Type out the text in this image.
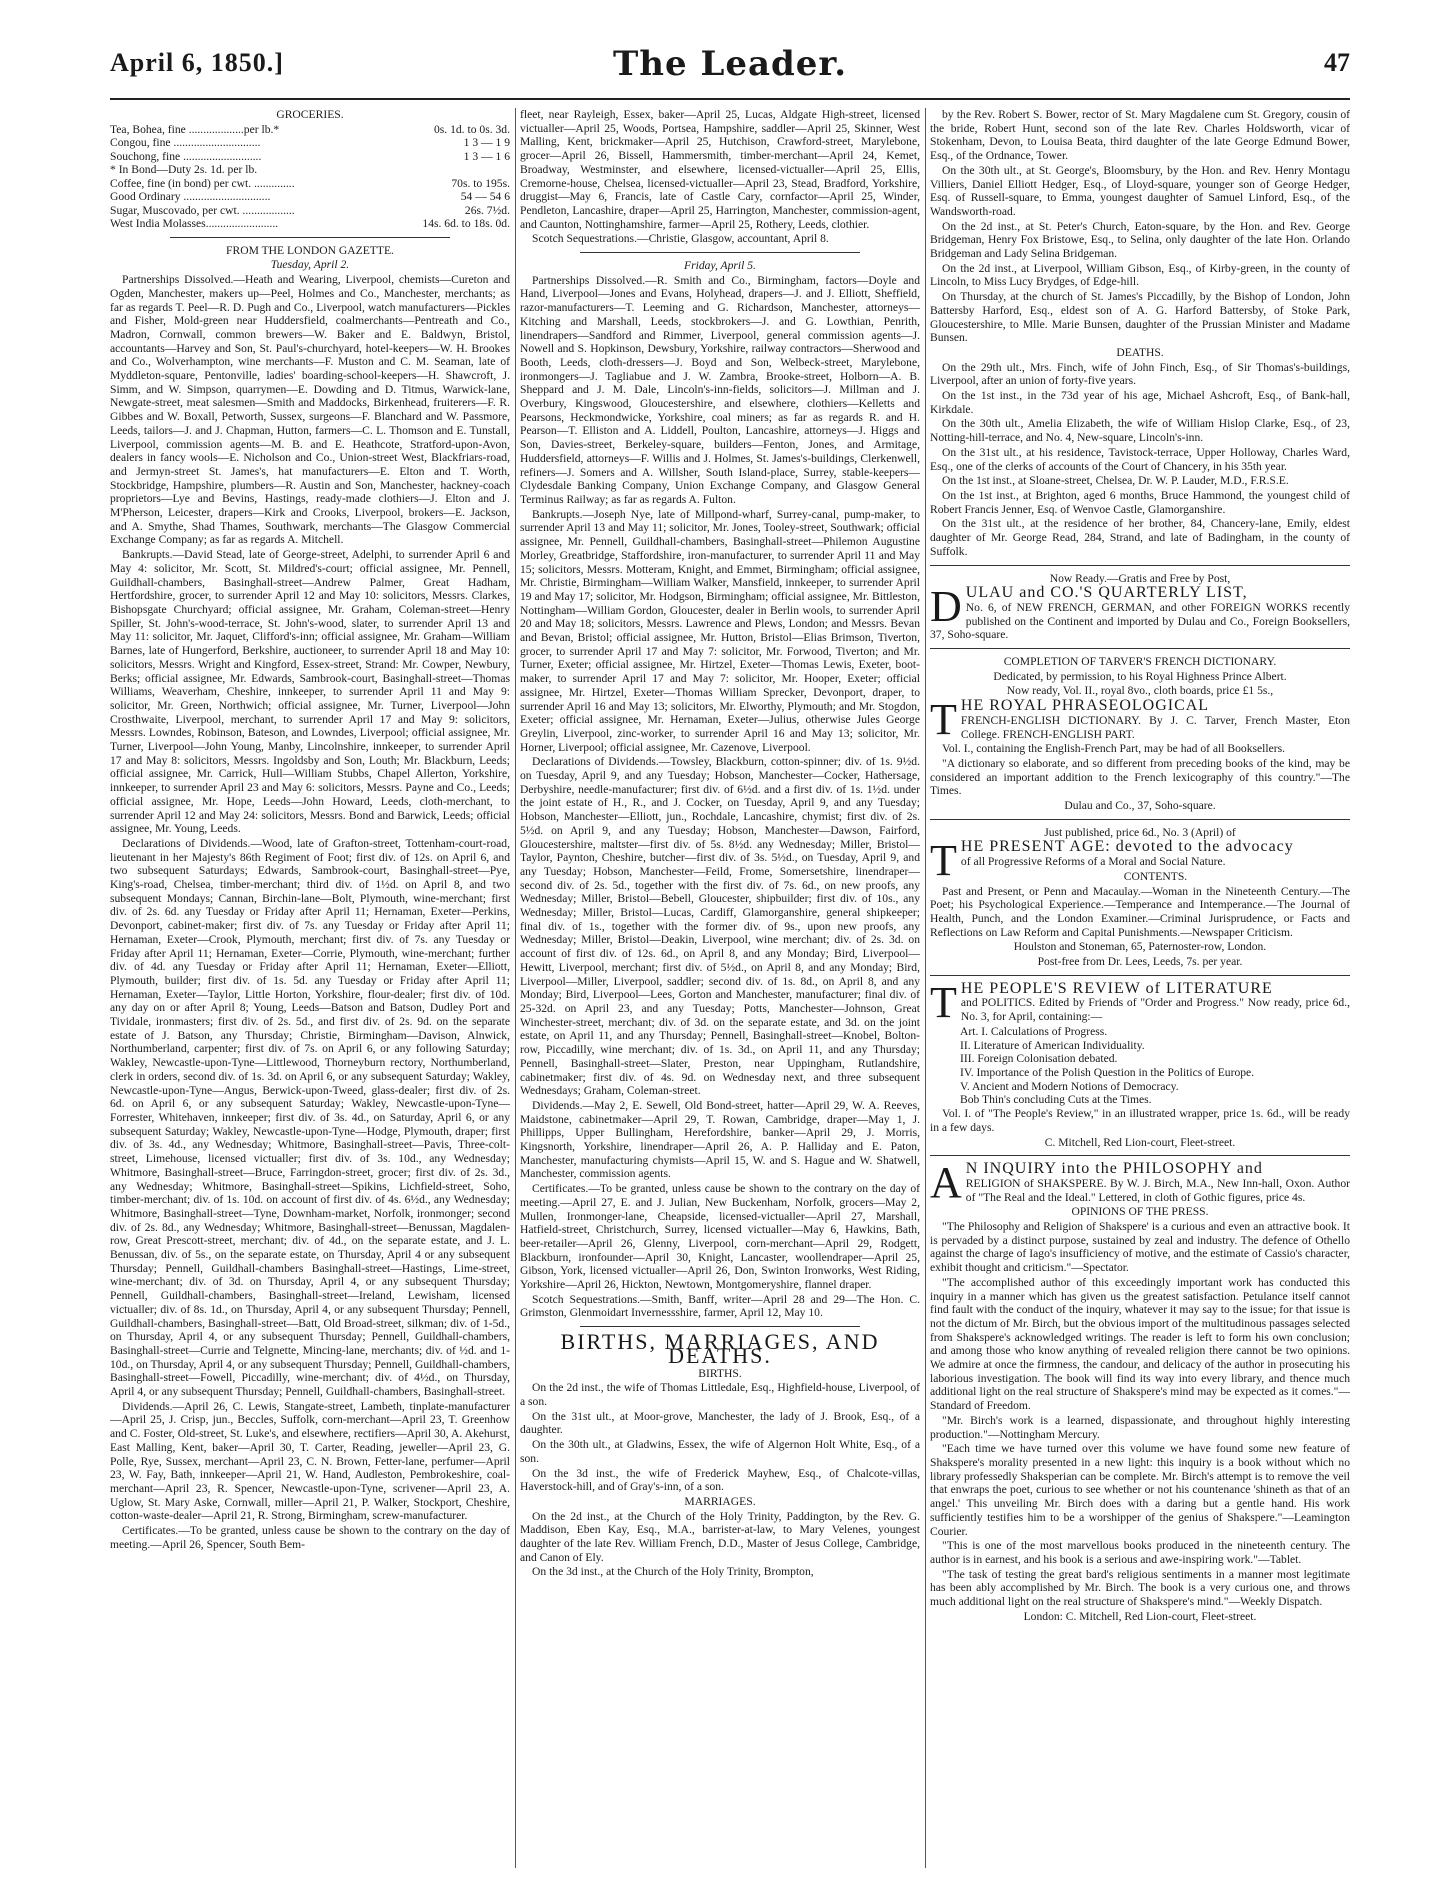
April 6, 1850.]	The Leader.	47

GROCERIES.

Tea, Bohea, fine ...................per lb.*	0s. 1d. to 0s. 3d.
Congou, fine ..............................	1 3 — 1 9
Souchong, fine ...........................	1 3 — 1 6
* In Bond—Duty 2s. 1d. per lb.	
Coffee, fine (in bond) per cwt. ..............	70s. to 195s.
Good Ordinary ..............................	54 — 54 6
Sugar, Muscovado, per cwt. ..................	26s. 7½d.
West India Molasses.........................	14s. 6d. to 18s. 0d.

FROM THE LONDON GAZETTE.

Tuesday, April 2.

Partnerships Dissolved.—Heath and Wearing, Liverpool, chemists—Cureton and Ogden, Manchester, makers up—Peel, Holmes and Co., Manchester, merchants; as far as regards T. Peel—R. D. Pugh and Co., Liverpool, watch manufacturers—Pickles and Fisher, Mold-green near Huddersfield, coalmerchants—Pentreath and Co., Madron, Cornwall, common brewers—W. Baker and E. Baldwyn, Bristol, accountants—Harvey and Son, St. Paul's-churchyard, hotel-keepers—W. H. Brookes and Co., Wolverhampton, wine merchants—F. Muston and C. M. Seaman, late of Myddleton-square, Pentonville, ladies' boarding-school-keepers—H. Shawcroft, J. Simm, and W. Simpson, quarrymen—E. Dowding and D. Titmus, Warwick-lane, Newgate-street, meat salesmen—Smith and Maddocks, Birkenhead, fruiterers—F. R. Gibbes and W. Boxall, Petworth, Sussex, surgeons—F. Blanchard and W. Passmore, Leeds, tailors—J. and J. Chapman, Hutton, farmers—C. L. Thomson and E. Tunstall, Liverpool, commission agents—M. B. and E. Heathcote, Stratford-upon-Avon, dealers in fancy wools—E. Nicholson and Co., Union-street West, Blackfriars-road, and Jermyn-street St. James's, hat manufacturers—E. Elton and T. Worth, Stockbridge, Hampshire, plumbers—R. Austin and Son, Manchester, hackney-coach proprietors—Lye and Bevins, Hastings, ready-made clothiers—J. Elton and J. M'Pherson, Leicester, drapers—Kirk and Crooks, Liverpool, brokers—E. Jackson, and A. Smythe, Shad Thames, Southwark, merchants—The Glasgow Commercial Exchange Company; as far as regards A. Mitchell.

Bankrupts.—David Stead, late of George-street, Adelphi, to surrender April 6 and May 4: solicitor, Mr. Scott, St. Mildred's-court; official assignee, Mr. Pennell, Guildhall-chambers, Basinghall-street—Andrew Palmer, Great Hadham, Hertfordshire, grocer, to surrender April 12 and May 10: solicitors, Messrs. Clarkes, Bishopsgate Churchyard; official assignee, Mr. Graham, Coleman-street—Henry Spiller, St. John's-wood-terrace, St. John's-wood, slater, to surrender April 13 and May 11: solicitor, Mr. Jaquet, Clifford's-inn; official assignee, Mr. Graham—William Barnes, late of Hungerford, Berkshire, auctioneer, to surrender April 18 and May 10: solicitors, Messrs. Wright and Kingford, Essex-street, Strand: Mr. Cowper, Newbury, Berks; official assignee, Mr. Edwards, Sambrook-court, Basinghall-street—Thomas Williams, Weaverham, Cheshire, innkeeper, to surrender April 11 and May 9: solicitor, Mr. Green, Northwich; official assignee, Mr. Turner, Liverpool—John Crosthwaite, Liverpool, merchant, to surrender April 17 and May 9: solicitors, Messrs. Lowndes, Robinson, Bateson, and Lowndes, Liverpool; official assignee, Mr. Turner, Liverpool—John Young, Manby, Lincolnshire, innkeeper, to surrender April 17 and May 8: solicitors, Messrs. Ingoldsby and Son, Louth; Mr. Blackburn, Leeds; official assignee, Mr. Carrick, Hull—William Stubbs, Chapel Allerton, Yorkshire, innkeeper, to surrender April 23 and May 6: solicitors, Messrs. Payne and Co., Leeds; official assignee, Mr. Hope, Leeds—John Howard, Leeds, cloth-merchant, to surrender April 12 and May 24: solicitors, Messrs. Bond and Barwick, Leeds; official assignee, Mr. Young, Leeds.

Declarations of Dividends.—Wood, late of Grafton-street, Tottenham-court-road, lieutenant in her Majesty's 86th Regiment of Foot; first div. of 12s. on April 6, and two subsequent Saturdays; Edwards, Sambrook-court, Basinghall-street—Pye, King's-road, Chelsea, timber-merchant; third div. of 1½d. on April 8, and two subsequent Mondays; Cannan, Birchin-lane—Bolt, Plymouth, wine-merchant; first div. of 2s. 6d. any Tuesday or Friday after April 11; Hernaman, Exeter—Perkins, Devonport, cabinet-maker; first div. of 7s. any Tuesday or Friday after April 11; Hernaman, Exeter—Crook, Plymouth, merchant; first div. of 7s. any Tuesday or Friday after April 11; Hernaman, Exeter—Corrie, Plymouth, wine-merchant; further div. of 4d. any Tuesday or Friday after April 11; Hernaman, Exeter—Elliott, Plymouth, builder; first div. of 1s. 5d. any Tuesday or Friday after April 11; Hernaman, Exeter—Taylor, Little Horton, Yorkshire, flour-dealer; first div. of 10d. any day on or after April 8; Young, Leeds—Batson and Batson, Dudley Port and Tividale, ironmasters; first div. of 2s. 5d., and first div. of 2s. 9d. on the separate estate of J. Batson, any Thursday; Christie, Birmingham—Davison, Alnwick, Northumberland, carpenter; first div. of 7s. on April 6, or any following Saturday; Wakley, Newcastle-upon-Tyne—Littlewood, Thorneyburn rectory, Northumberland, clerk in orders, second div. of 1s. 3d. on April 6, or any subsequent Saturday; Wakley, Newcastle-upon-Tyne—Angus, Berwick-upon-Tweed, glass-dealer; first div. of 2s. 6d. on April 6, or any subsequent Saturday; Wakley, Newcastle-upon-Tyne—Forrester, Whitehaven, innkeeper; first div. of 3s. 4d., on Saturday, April 6, or any subsequent Saturday; Wakley, Newcastle-upon-Tyne—Hodge, Plymouth, draper; first div. of 3s. 4d., any Wednesday; Whitmore, Basinghall-street—Pavis, Three-colt-street, Limehouse, licensed victualler; first div. of 3s. 10d., any Wednesday; Whitmore, Basinghall-street—Bruce, Farringdon-street, grocer; first div. of 2s. 3d., any Wednesday; Whitmore, Basinghall-street—Spikins, Lichfield-street, Soho, timber-merchant; div. of 1s. 10d. on account of first div. of 4s. 6½d., any Wednesday; Whitmore, Basinghall-street—Tyne, Downham-market, Norfolk, ironmonger; second div. of 2s. 8d., any Wednesday; Whitmore, Basinghall-street—Benussan, Magdalen-row, Great Prescott-street, merchant; div. of 4d., on the separate estate, and J. L. Benussan, div. of 5s., on the separate estate, on Thursday, April 4 or any subsequent Thursday; Pennell, Guildhall-chambers Basinghall-street—Hastings, Lime-street, wine-merchant; div. of 3d. on Thursday, April 4, or any subsequent Thursday; Pennell, Guildhall-chambers, Basinghall-street—Ireland, Lewisham, licensed victualler; div. of 8s. 1d., on Thursday, April 4, or any subsequent Thursday; Pennell, Guildhall-chambers, Basinghall-street—Batt, Old Broad-street, silkman; div. of 1-5d., on Thursday, April 4, or any subsequent Thursday; Pennell, Guildhall-chambers, Basinghall-street—Currie and Telgnette, Mincing-lane, merchants; div. of ½d. and 1-10d., on Thursday, April 4, or any subsequent Thursday; Pennell, Guildhall-chambers, Basinghall-street—Fowell, Piccadilly, wine-merchant; div. of 4½d., on Thursday, April 4, or any subsequent Thursday; Pennell, Guildhall-chambers, Basinghall-street.

Dividends.—April 26, C. Lewis, Stangate-street, Lambeth, tinplate-manufacturer—April 25, J. Crisp, jun., Beccles, Suffolk, corn-merchant—April 23, T. Greenhow and C. Foster, Old-street, St. Luke's, and elsewhere, rectifiers—April 30, A. Akehurst, East Malling, Kent, baker—April 30, T. Carter, Reading, jeweller—April 23, G. Polle, Rye, Sussex, merchant—April 23, C. N. Brown, Fetter-lane, perfumer—April 23, W. Fay, Bath, innkeeper—April 21, W. Hand, Audleston, Pembrokeshire, coal-merchant—April 23, R. Spencer, Newcastle-upon-Tyne, scrivener—April 23, A. Uglow, St. Mary Aske, Cornwall, miller—April 21, P. Walker, Stockport, Cheshire, cotton-waste-dealer—April 21, R. Strong, Birmingham, screw-manufacturer.

Certificates.—To be granted, unless cause be shown to the contrary on the day of meeting.—April 26, Spencer, South Bem-

fleet, near Rayleigh, Essex, baker—April 25, Lucas, Aldgate High-street, licensed victualler—April 25, Woods, Portsea, Hampshire, saddler—April 25, Skinner, West Malling, Kent, brickmaker—April 25, Hutchison, Crawford-street, Marylebone, grocer—April 26, Bissell, Hammersmith, timber-merchant—April 24, Kemet, Broadway, Westminster, and elsewhere, licensed-victualler—April 25, Ellis, Cremorne-house, Chelsea, licensed-victualler—April 23, Stead, Bradford, Yorkshire, druggist—May 6, Francis, late of Castle Cary, cornfactor—April 25, Winder, Pendleton, Lancashire, draper—April 25, Harrington, Manchester, commission-agent, and Caunton, Nottinghamshire, farmer—April 25, Rothery, Leeds, clothier.

Scotch Sequestrations.—Christie, Glasgow, accountant, April 8.

Friday, April 5.

Partnerships Dissolved.—R. Smith and Co., Birmingham, factors—Doyle and Hand, Liverpool—Jones and Evans, Holyhead, drapers—J. and J. Elliott, Sheffield, razor-manufacturers—T. Leeming and G. Richardson, Manchester, attorneys—Kitching and Marshall, Leeds, stockbrokers—J. and G. Lowthian, Penrith, linendrapers—Sandford and Rimmer, Liverpool, general commission agents—J. Nowell and S. Hopkinson, Dewsbury, Yorkshire, railway contractors—Sherwood and Booth, Leeds, cloth-dressers—J. Boyd and Son, Welbeck-street, Marylebone, ironmongers—J. Tagliabue and J. W. Zambra, Brooke-street, Holborn—A. B. Sheppard and J. M. Dale, Lincoln's-inn-fields, solicitors—J. Millman and J. Overbury, Kingswood, Gloucestershire, and elsewhere, clothiers—Kelletts and Pearsons, Heckmondwicke, Yorkshire, coal miners; as far as regards R. and H. Pearson—T. Elliston and A. Liddell, Poulton, Lancashire, attorneys—J. Higgs and Son, Davies-street, Berkeley-square, builders—Fenton, Jones, and Armitage, Huddersfield, attorneys—F. Willis and J. Holmes, St. James's-buildings, Clerkenwell, refiners—J. Somers and A. Willsher, South Island-place, Surrey, stable-keepers—Clydesdale Banking Company, Union Exchange Company, and Glasgow General Terminus Railway; as far as regards A. Fulton.

Bankrupts.—Joseph Nye, late of Millpond-wharf, Surrey-canal, pump-maker, to surrender April 13 and May 11; solicitor, Mr. Jones, Tooley-street, Southwark; official assignee, Mr. Pennell, Guildhall-chambers, Basinghall-street—Philemon Augustine Morley, Greatbridge, Staffordshire, iron-manufacturer, to surrender April 11 and May 15; solicitors, Messrs. Motteram, Knight, and Emmet, Birmingham; official assignee, Mr. Christie, Birmingham—William Walker, Mansfield, innkeeper, to surrender April 19 and May 17; solicitor, Mr. Hodgson, Birmingham; official assignee, Mr. Bittleston, Nottingham—William Gordon, Gloucester, dealer in Berlin wools, to surrender April 20 and May 18; solicitors, Messrs. Lawrence and Plews, London; and Messrs. Bevan and Bevan, Bristol; official assignee, Mr. Hutton, Bristol—Elias Brimson, Tiverton, grocer, to surrender April 17 and May 7: solicitor, Mr. Forwood, Tiverton; and Mr. Turner, Exeter; official assignee, Mr. Hirtzel, Exeter—Thomas Lewis, Exeter, boot-maker, to surrender April 17 and May 7: solicitor, Mr. Hooper, Exeter; official assignee, Mr. Hirtzel, Exeter—Thomas William Sprecker, Devonport, draper, to surrender April 16 and May 13; solicitors, Mr. Elworthy, Plymouth; and Mr. Stogdon, Exeter; official assignee, Mr. Hernaman, Exeter—Julius, otherwise Jules George Greylin, Liverpool, zinc-worker, to surrender April 16 and May 13; solicitor, Mr. Horner, Liverpool; official assignee, Mr. Cazenove, Liverpool.

Declarations of Dividends.—Towsley, Blackburn, cotton-spinner; div. of 1s. 9½d. on Tuesday, April 9, and any Tuesday; Hobson, Manchester—Cocker, Hathersage, Derbyshire, needle-manufacturer; first div. of 6½d. and a first div. of 1s. 1½d. under the joint estate of H., R., and J. Cocker, on Tuesday, April 9, and any Tuesday; Hobson, Manchester—Elliott, jun., Rochdale, Lancashire, chymist; first div. of 2s. 5½d. on April 9, and any Tuesday; Hobson, Manchester—Dawson, Fairford, Gloucestershire, maltster—first div. of 5s. 8½d. any Wednesday; Miller, Bristol—Taylor, Paynton, Cheshire, butcher—first div. of 3s. 5½d., on Tuesday, April 9, and any Tuesday; Hobson, Manchester—Feild, Frome, Somersetshire, linendraper—second div. of 2s. 5d., together with the first div. of 7s. 6d., on new proofs, any Wednesday; Miller, Bristol—Bebell, Gloucester, shipbuilder; first div. of 10s., any Wednesday; Miller, Bristol—Lucas, Cardiff, Glamorganshire, general shipkeeper; final div. of 1s., together with the former div. of 9s., upon new proofs, any Wednesday; Miller, Bristol—Deakin, Liverpool, wine merchant; div. of 2s. 3d. on account of first div. of 12s. 6d., on April 8, and any Monday; Bird, Liverpool—Hewitt, Liverpool, merchant; first div. of 5½d., on April 8, and any Monday; Bird, Liverpool—Miller, Liverpool, saddler; second div. of 1s. 8d., on April 8, and any Monday; Bird, Liverpool—Lees, Gorton and Manchester, manufacturer; final div. of 25-32d. on April 23, and any Tuesday; Potts, Manchester—Johnson, Great Winchester-street, merchant; div. of 3d. on the separate estate, and 3d. on the joint estate, on April 11, and any Thursday; Pennell, Basinghall-street—Knobel, Bolton-row, Piccadilly, wine merchant; div. of 1s. 3d., on April 11, and any Thursday; Pennell, Basinghall-street—Slater, Preston, near Uppingham, Rutlandshire, cabinetmaker; first div. of 4s. 9d. on Wednesday next, and three subsequent Wednesdays; Graham, Coleman-street.

Dividends.—May 2, E. Sewell, Old Bond-street, hatter—April 29, W. A. Reeves, Maidstone, cabinetmaker—April 29, T. Rowan, Cambridge, draper—May 1, J. Phillipps, Upper Bullingham, Herefordshire, banker—April 29, J. Morris, Kingsnorth, Yorkshire, linendraper—April 26, A. P. Halliday and E. Paton, Manchester, manufacturing chymists—April 15, W. and S. Hague and W. Shatwell, Manchester, commission agents.

Certificates.—To be granted, unless cause be shown to the contrary on the day of meeting.—April 27, E. and J. Julian, New Buckenham, Norfolk, grocers—May 2, Mullen, Ironmonger-lane, Cheapside, licensed-victualler—April 27, Marshall, Hatfield-street, Christchurch, Surrey, licensed victualler—May 6, Hawkins, Bath, beer-retailer—April 26, Glenny, Liverpool, corn-merchant—April 29, Rodgett, Blackburn, ironfounder—April 30, Knight, Lancaster, woollendraper—April 25, Gibson, York, licensed victualler—April 26, Don, Swinton Ironworks, West Riding, Yorkshire—April 26, Hickton, Newtown, Montgomeryshire, flannel draper.

Scotch Sequestrations.—Smith, Banff, writer—April 28 and 29—The Hon. C. Grimston, Glenmoidart Invernessshire, farmer, April 12, May 10.

BIRTHS, MARRIAGES, AND DEATHS.

BIRTHS.

On the 2d inst., the wife of Thomas Littledale, Esq., Highfield-house, Liverpool, of a son.

On the 31st ult., at Moor-grove, Manchester, the lady of J. Brook, Esq., of a daughter.

On the 30th ult., at Gladwins, Essex, the wife of Algernon Holt White, Esq., of a son.

On the 3d inst., the wife of Frederick Mayhew, Esq., of Chalcote-villas, Haverstock-hill, and of Gray's-inn, of a son.

MARRIAGES.

On the 2d inst., at the Church of the Holy Trinity, Paddington, by the Rev. G. Maddison, Eben Kay, Esq., M.A., barrister-at-law, to Mary Velenes, youngest daughter of the late Rev. William French, D.D., Master of Jesus College, Cambridge, and Canon of Ely.

On the 3d inst., at the Church of the Holy Trinity, Brompton,

by the Rev. Robert S. Bower, rector of St. Mary Magdalene cum St. Gregory, cousin of the bride, Robert Hunt, second son of the late Rev. Charles Holdsworth, vicar of Stokenham, Devon, to Louisa Beata, third daughter of the late George Edmund Bower, Esq., of the Ordnance, Tower.

On the 30th ult., at St. George's, Bloomsbury, by the Hon. and Rev. Henry Montagu Villiers, Daniel Elliott Hedger, Esq., of Lloyd-square, younger son of George Hedger, Esq. of Russell-square, to Emma, youngest daughter of Samuel Linford, Esq., of the Wandsworth-road.

On the 2d inst., at St. Peter's Church, Eaton-square, by the Hon. and Rev. George Bridgeman, Henry Fox Bristowe, Esq., to Selina, only daughter of the late Hon. Orlando Bridgeman and Lady Selina Bridgeman.

On the 2d inst., at Liverpool, William Gibson, Esq., of Kirby-green, in the county of Lincoln, to Miss Lucy Brydges, of Edge-hill.

On Thursday, at the church of St. James's Piccadilly, by the Bishop of London, John Battersby Harford, Esq., eldest son of A. G. Harford Battersby, of Stoke Park, Gloucestershire, to Mlle. Marie Bunsen, daughter of the Prussian Minister and Madame Bunsen.

DEATHS.

On the 29th ult., Mrs. Finch, wife of John Finch, Esq., of Sir Thomas's-buildings, Liverpool, after an union of forty-five years.

On the 1st inst., in the 73d year of his age, Michael Ashcroft, Esq., of Bank-hall, Kirkdale.

On the 30th ult., Amelia Elizabeth, the wife of William Hislop Clarke, Esq., of 23, Notting-hill-terrace, and No. 4, New-square, Lincoln's-inn.

On the 31st ult., at his residence, Tavistock-terrace, Upper Holloway, Charles Ward, Esq., one of the clerks of accounts of the Court of Chancery, in his 35th year.

On the 1st inst., at Sloane-street, Chelsea, Dr. W. P. Lauder, M.D., F.R.S.E.

On the 1st inst., at Brighton, aged 6 months, Bruce Hammond, the youngest child of Robert Francis Jenner, Esq. of Wenvoe Castle, Glamorganshire.

On the 31st ult., at the residence of her brother, 84, Chancery-lane, Emily, eldest daughter of Mr. George Read, 284, Strand, and late of Badingham, in the county of Suffolk.

Now Ready.—Gratis and Free by Post,

D ULAU and CO.'S QUARTERLY LIST,

No. 6, of NEW FRENCH, GERMAN, and other FOREIGN WORKS recently published on the Continent and imported by Dulau and Co., Foreign Booksellers, 37, Soho-square.

COMPLETION OF TARVER'S FRENCH DICTIONARY.

Dedicated, by permission, to his Royal Highness Prince Albert.

Now ready, Vol. II., royal 8vo., cloth boards, price £1 5s.,

T HE ROYAL PHRASEOLOGICAL

FRENCH-ENGLISH DICTIONARY. By J. C. Tarver, French Master, Eton College. FRENCH-ENGLISH PART.

Vol. I., containing the English-French Part, may be had of all Booksellers.

"A dictionary so elaborate, and so different from preceding books of the kind, may be considered an important addition to the French lexicography of this country."—The Times.

Dulau and Co., 37, Soho-square.

Just published, price 6d., No. 3 (April) of

T HE PRESENT AGE: devoted to the advocacy

of all Progressive Reforms of a Moral and Social Nature.

CONTENTS.

Past and Present, or Penn and Macaulay.—Woman in the Nineteenth Century.—The Poet; his Psychological Experience.—Temperance and Intemperance.—The Journal of Health, Punch, and the London Examiner.—Criminal Jurisprudence, or Facts and Reflections on Law Reform and Capital Punishments.—Newspaper Criticism.

Houlston and Stoneman, 65, Paternoster-row, London.

Post-free from Dr. Lees, Leeds, 7s. per year.

T HE PEOPLE'S REVIEW of LITERATURE

and POLITICS. Edited by Friends of "Order and Progress." Now ready, price 6d., No. 3, for April, containing:—

Art. I. Calculations of Progress.
II. Literature of American Individuality.
III. Foreign Colonisation debated.
IV. Importance of the Polish Question in the Politics of Europe.
V. Ancient and Modern Notions of Democracy.
Bob Thin's concluding Cuts at the Times.

Vol. I. of "The People's Review," in an illustrated wrapper, price 1s. 6d., will be ready in a few days.

C. Mitchell, Red Lion-court, Fleet-street.

A N INQUIRY into the PHILOSOPHY and

RELIGION of SHAKSPERE. By W. J. Birch, M.A., New Inn-hall, Oxon. Author of "The Real and the Ideal." Lettered, in cloth of Gothic figures, price 4s.

OPINIONS OF THE PRESS.

"The Philosophy and Religion of Shakspere' is a curious and even an attractive book. It is pervaded by a distinct purpose, sustained by zeal and industry. The defence of Othello against the charge of Iago's insufficiency of motive, and the estimate of Cassio's character, exhibit thought and criticism."—Spectator.

"The accomplished author of this exceedingly important work has conducted this inquiry in a manner which has given us the greatest satisfaction. Petulance itself cannot find fault with the conduct of the inquiry, whatever it may say to the issue; for that issue is not the dictum of Mr. Birch, but the obvious import of the multitudinous passages selected from Shakspere's acknowledged writings. The reader is left to form his own conclusion; and among those who know anything of revealed religion there cannot be two opinions. We admire at once the firmness, the candour, and delicacy of the author in prosecuting his laborious investigation. The book will find its way into every library, and thence much additional light on the real structure of Shakspere's mind may be expected as it comes."—Standard of Freedom.

"Mr. Birch's work is a learned, dispassionate, and throughout highly interesting production."—Nottingham Mercury.

"Each time we have turned over this volume we have found some new feature of Shakspere's morality presented in a new light: this inquiry is a book without which no library professedly Shaksperian can be complete. Mr. Birch's attempt is to remove the veil that enwraps the poet, curious to see whether or not his countenance 'shineth as that of an angel.' This unveiling Mr. Birch does with a daring but a gentle hand. His work sufficiently testifies him to be a worshipper of the genius of Shakspere."—Leamington Courier.

"This is one of the most marvellous books produced in the nineteenth century. The author is in earnest, and his book is a serious and awe-inspiring work."—Tablet.

"The task of testing the great bard's religious sentiments in a manner most legitimate has been ably accomplished by Mr. Birch. The book is a very curious one, and throws much additional light on the real structure of Shakspere's mind."—Weekly Dispatch.

London: C. Mitchell, Red Lion-court, Fleet-street.
